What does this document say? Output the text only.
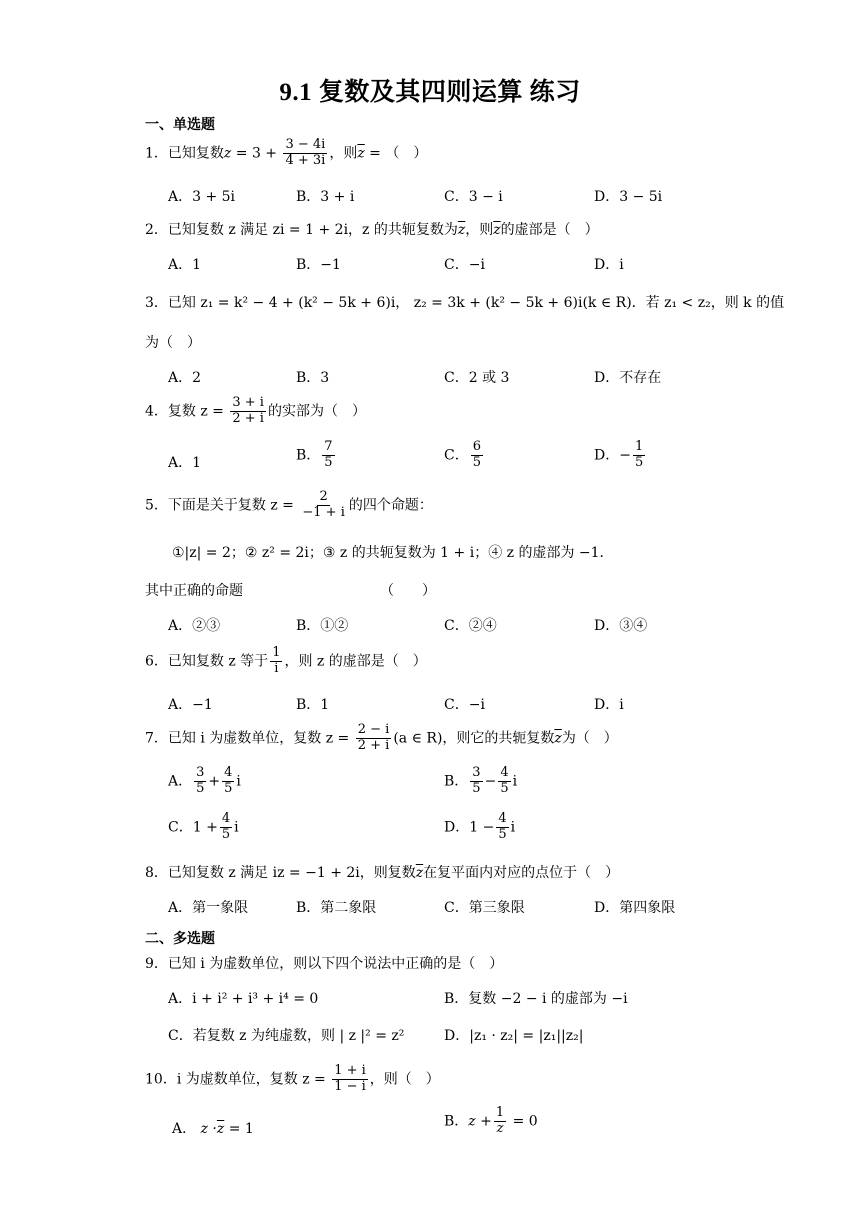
9.1 复数及其四则运算 练习
一、单选题
1．已知复数$z = 3 + \frac{3 - 4i}{4 + 3i}$ ，则$\overline{z}$ = （　）
A．3 + 5i	B．3 + i	C．3 − i	D．3 − 5i
2．已知复数 z 满足 zi = 1 + 2i，z 的共轭复数为$\overline{z}$，则$\overline{z}$的虚部是（　）
A．1	B．−1	C．−i	D．i
3．已知 z₁ = k² − 4 + (k² − 5k + 6)i， z₂ = 3k + (k² − 5k + 6)i(k ∈ R)．若 z₁ < z₂，则 k 的值
为（　）
A．2	B．3	C．2 或 3	D．不存在
4．复数 $z = \frac{3 + i}{2 + i}$ 的实部为（　）
A．1	B． $\frac{7}{5}$	C． $\frac{6}{5}$	D．− $\frac{1}{5}$
5．下面是关于复数 $z = \frac{2}{-1 + i}$ 的四个命题：
①|z| = 2；② z² = 2i；③ z 的共轭复数为 1 + i；④ z 的虚部为 −1．
其中正确的命题	（　　）
A．②③	B．①②	C．②④	D．③④
6．已知复数 z 等于 $\frac{1}{i}$ ，则 z 的虚部是（　）
A．−1	B．1	C．−i	D．i
7．已知 i 为虚数单位，复数 $z = \frac{2 - i}{2 + i} (a$ ∈ R)，则它的共轭复数$\overline{z}$为（　）
A． $\frac{3}{5} + \frac{4}{5}$ i	B． $\frac{3}{5} - \frac{4}{5}$ i
C．$1 + \frac{4}{5}$ i	D．$1 - \frac{4}{5}$ i
8．已知复数 z 满足 iz = −1 + 2i，则复数$\overline{z}$在复平面内对应的点位于（　）
A．第一象限	B．第二象限	C．第三象限	D．第四象限
二、多选题
9．已知 i 为虚数单位，则以下四个说法中正确的是（　）
A．i + i² + i³ + i⁴ = 0	B．复数 −2 − i 的虚部为 −i
C．若复数 z 为纯虚数，则 | z |² = z²	D．|z₁ · z₂| = |z₁||z₂|
10．i 为虚数单位，复数 $z = \frac{1 + i}{1 - i}$ ，则（　）
A． $z \cdot\overline{z} = 1$	B．$z + \frac{1}{z} = 0$
